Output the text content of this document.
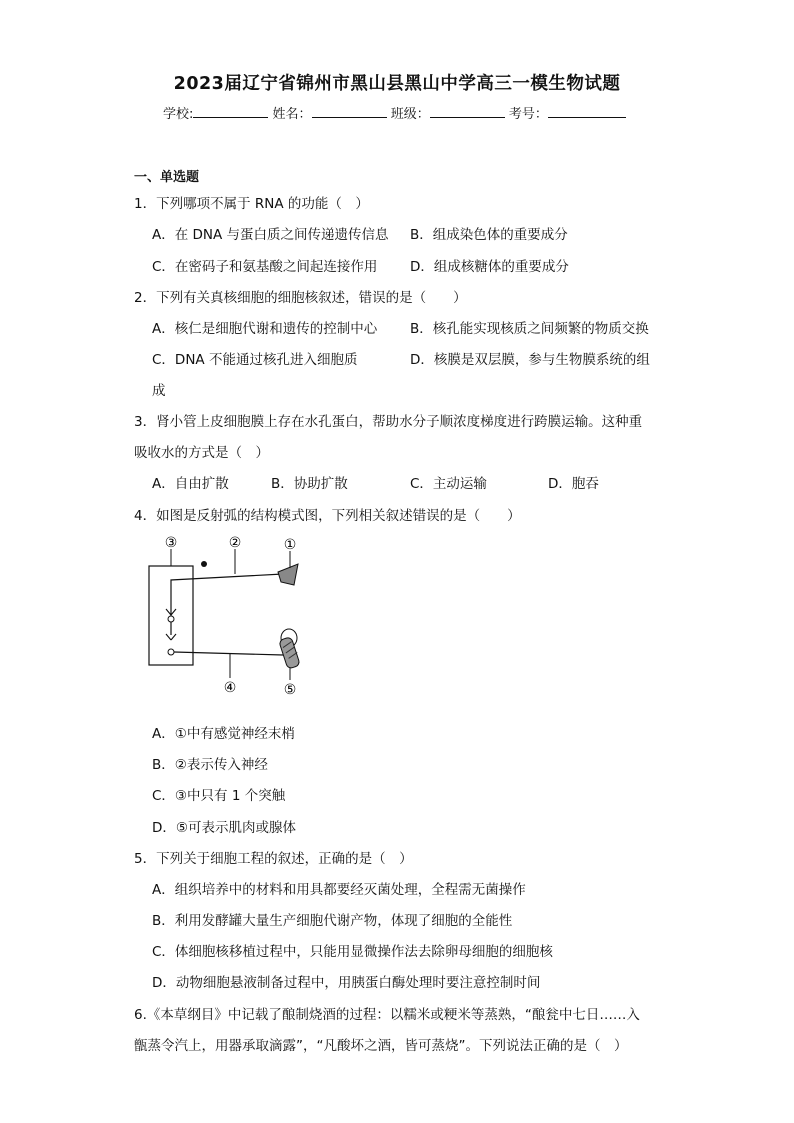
2023届辽宁省锦州市黑山县黑山中学高三一模生物试题
学校:	姓名：	班级：	考号：
一、单选题
1．下列哪项不属于 RNA 的功能（　）
A．在 DNA 与蛋白质之间传递遗传信息 B．组成染色体的重要成分
C．在密码子和氨基酸之间起连接作用 D．组成核糖体的重要成分
2．下列有关真核细胞的细胞核叙述，错误的是（　　）
A．核仁是细胞代谢和遗传的控制中心 B．核孔能实现核质之间频繁的物质交换
C．DNA 不能通过核孔进入细胞质	D．核膜是双层膜，参与生物膜系统的组
成
3．肾小管上皮细胞膜上存在水孔蛋白，帮助水分子顺浓度梯度进行跨膜运输。这种重
吸收水的方式是（　）
A．自由扩散	B．协助扩散	C．主动运输	D．胞吞
4．如图是反射弧的结构模式图，下列相关叙述错误的是（　　）
③	②	①
④	⑤
A．①中有感觉神经末梢
B．②表示传入神经
C．③中只有 1 个突触
D．⑤可表示肌肉或腺体
5．下列关于细胞工程的叙述，正确的是（　）
A．组织培养中的材料和用具都要经灭菌处理，全程需无菌操作
B．利用发酵罐大量生产细胞代谢产物，体现了细胞的全能性
C．体细胞核移植过程中，只能用显微操作法去除卵母细胞的细胞核
D．动物细胞悬液制备过程中，用胰蛋白酶处理时要注意控制时间
6.《本草纲目》中记载了酿制烧酒的过程：以糯米或粳米等蒸熟，“酿瓮中七日……入
甑蒸令汽上，用器承取滴露”，“凡酸坏之酒，皆可蒸烧”。下列说法正确的是（　）
